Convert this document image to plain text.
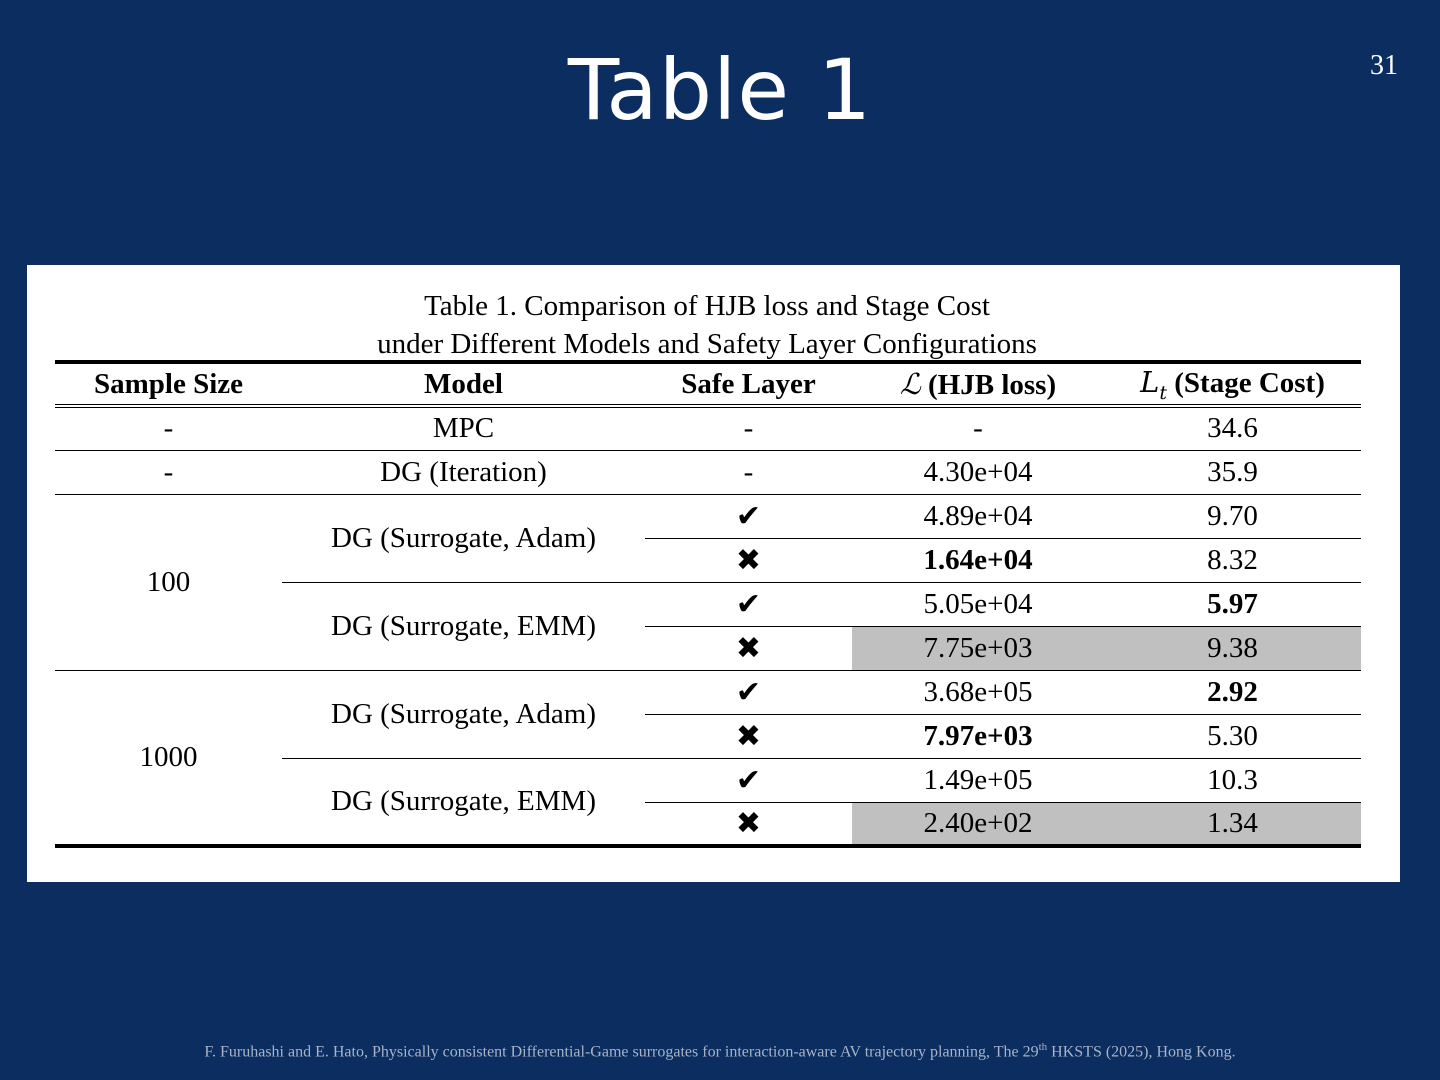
Table 1	31
Table 1. Comparison of HJB loss and Stage Cost
under Different Models and Safety Layer Configurations
Sample Size	Model	Safe Layer	ℒ (HJB loss)	$L_t$ (Stage Cost)
-	MPC	-	-	34.6
-	DG (Iteration)	-	4.30e+04	35.9
100	DG (Surrogate, Adam)	✔	4.89e+04	9.70
		✖	1.64e+04	8.32
	DG (Surrogate, EMM)	✔	5.05e+04	5.97
		✖	7.75e+03	9.38
1000	DG (Surrogate, Adam)	✔	3.68e+05	2.92
		✖	7.97e+03	5.30
	DG (Surrogate, EMM)	✔	1.49e+05	10.3
		✖	2.40e+02	1.34
F. Furuhashi and E. Hato, Physically consistent Differential-Game surrogates for interaction-aware AV trajectory planning, The 29th HKSTS (2025), Hong Kong.
